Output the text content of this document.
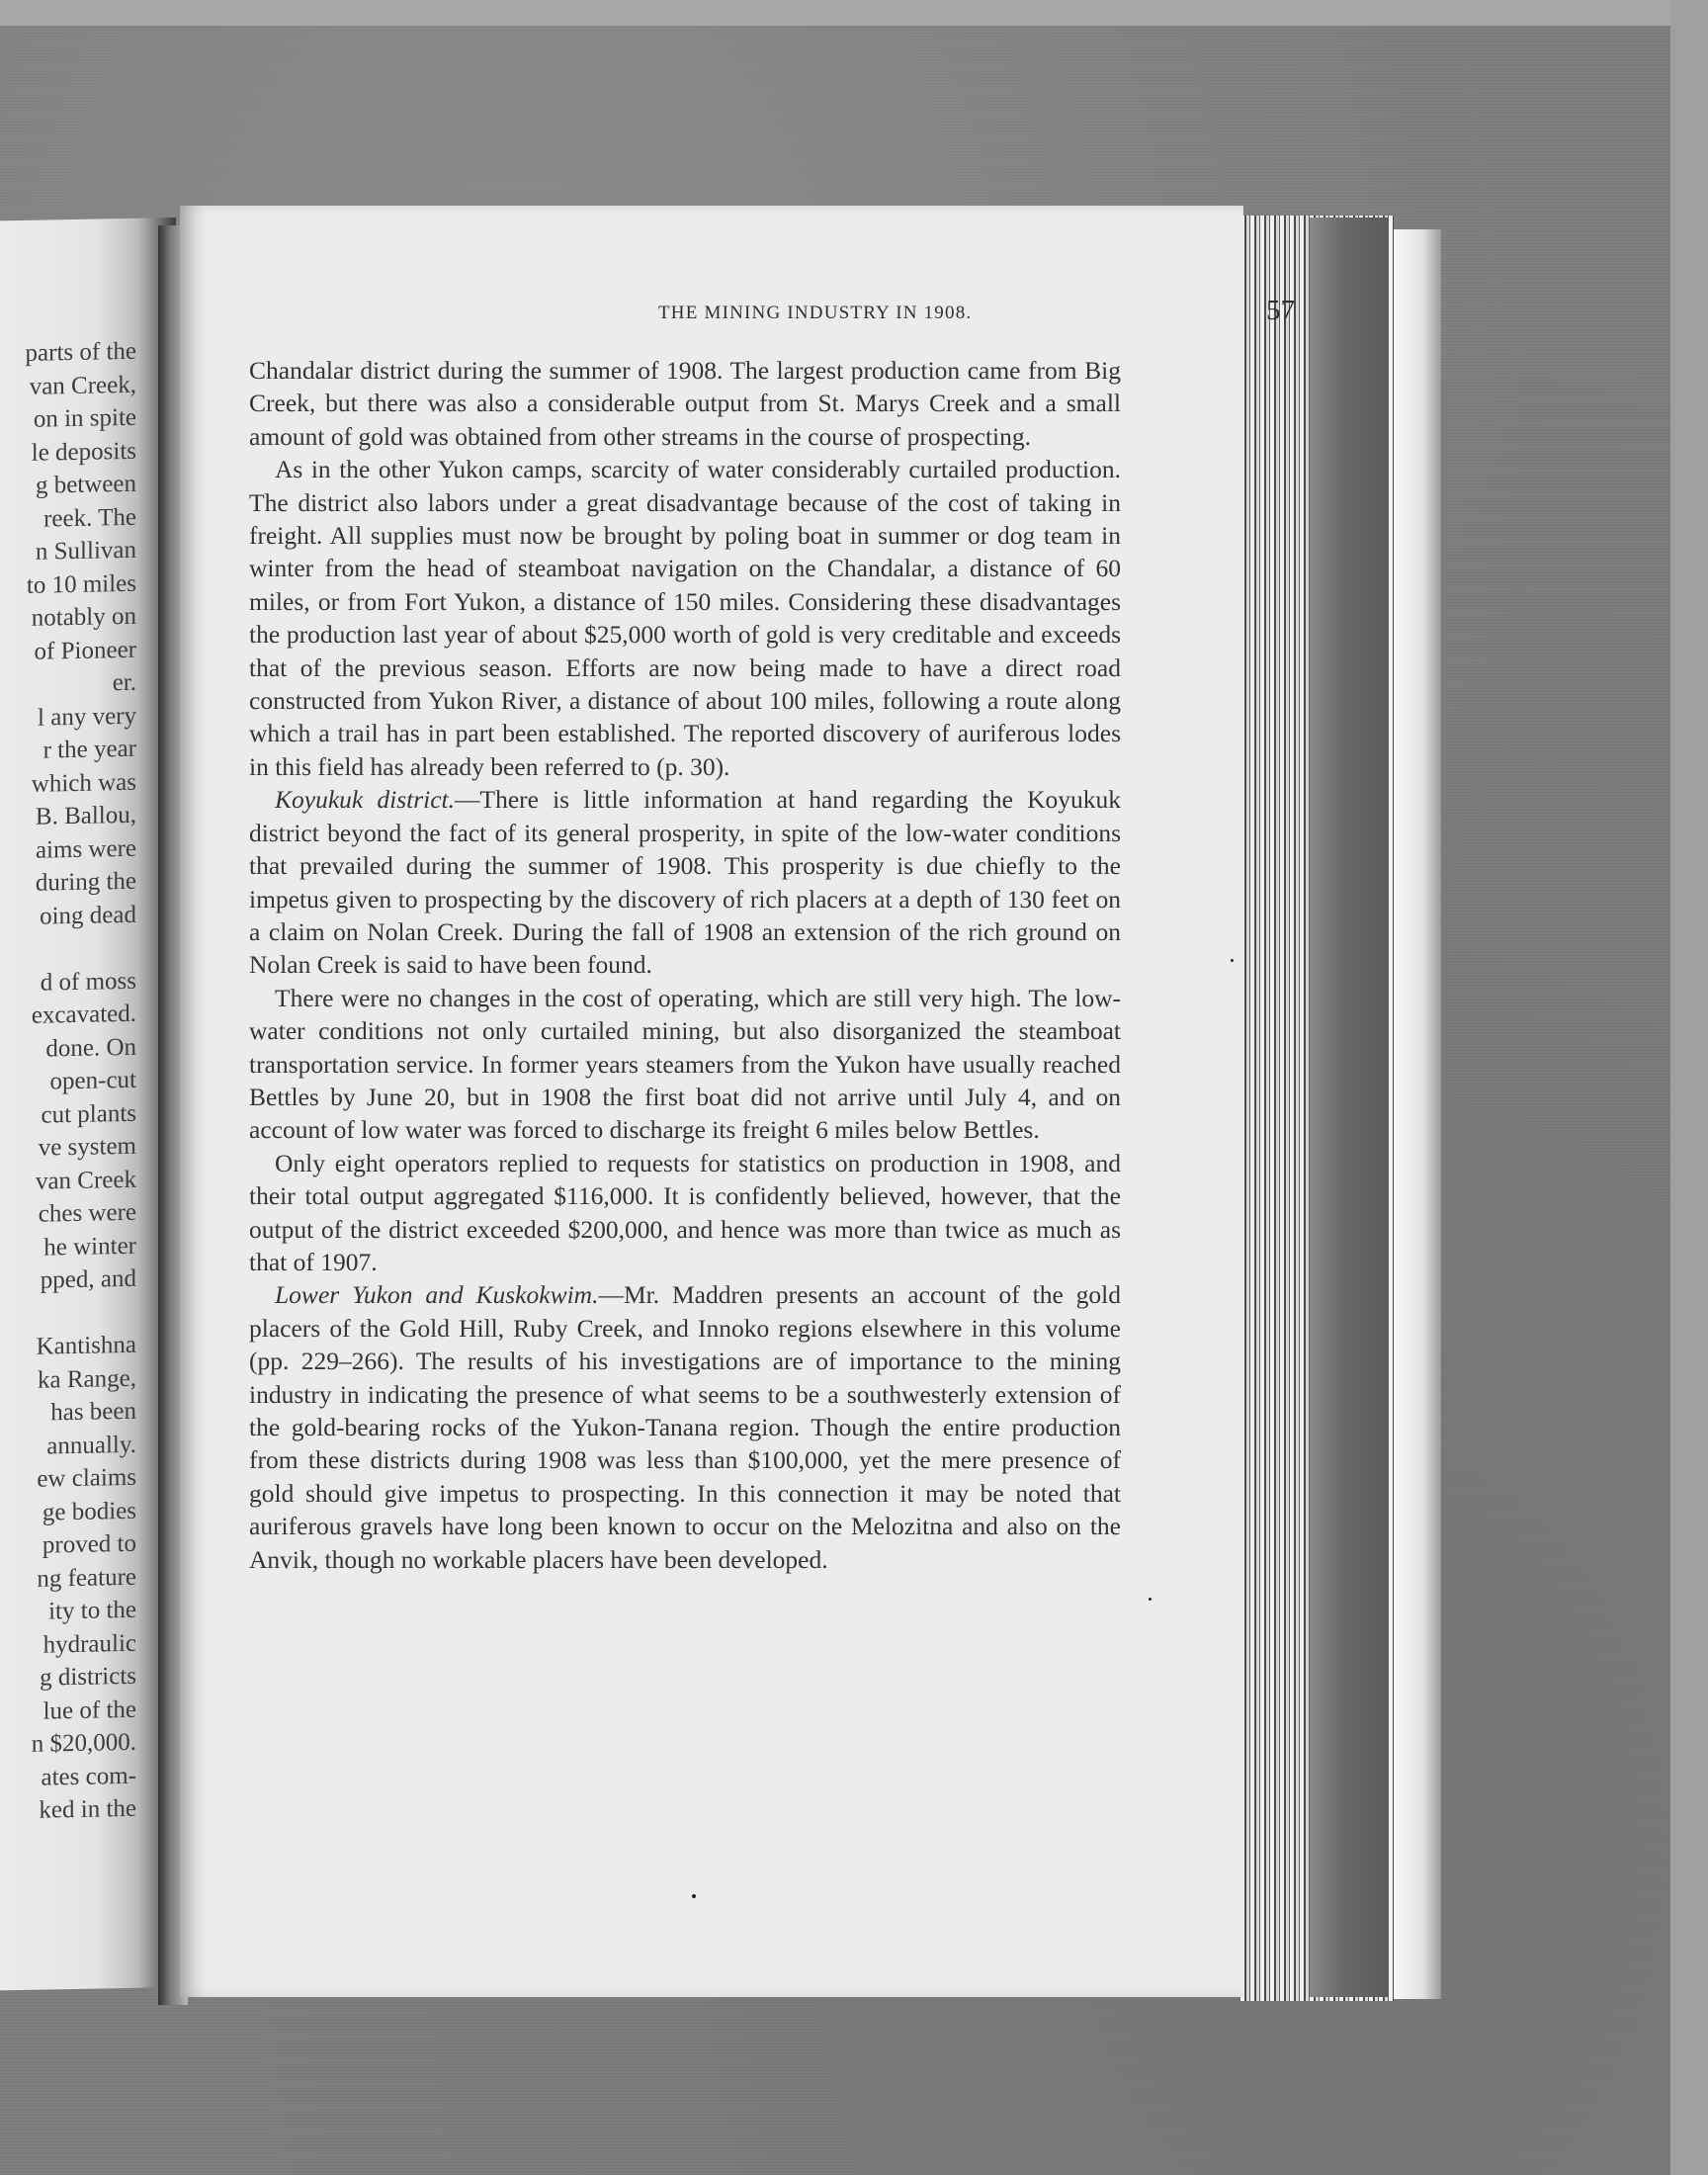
parts of the
van Creek,
on in spite
le deposits
g between
reek. The
n Sullivan
to 10 miles
notably on
of Pioneer
er.
l any very
r the year
which was
B. Ballou,
aims were
during the
oing dead

d of moss
excavated.
done. On
open-cut
cut plants
ve system
van Creek
ches were
he winter
pped, and

Kantishna
ka Range,
has been
annually.
ew claims
ge bodies
proved to
ng feature
ity to the
hydraulic
g districts
lue of the
n $20,000.
ates com-
ked in the
THE MINING INDUSTRY IN 1908.	57

Chandalar district during the summer of 1908. The largest production came from Big Creek, but there was also a considerable output from St. Marys Creek and a small amount of gold was obtained from other streams in the course of prospecting.

As in the other Yukon camps, scarcity of water considerably curtailed production. The district also labors under a great disadvantage because of the cost of taking in freight. All supplies must now be brought by poling boat in summer or dog team in winter from the head of steamboat navigation on the Chandalar, a distance of 60 miles, or from Fort Yukon, a distance of 150 miles. Considering these disadvantages the production last year of about $25,000 worth of gold is very creditable and exceeds that of the previous season. Efforts are now being made to have a direct road constructed from Yukon River, a distance of about 100 miles, following a route along which a trail has in part been established. The reported discovery of auriferous lodes in this field has already been referred to (p. 30).

Koyukuk district.—There is little information at hand regarding the Koyukuk district beyond the fact of its general prosperity, in spite of the low-water conditions that prevailed during the summer of 1908. This prosperity is due chiefly to the impetus given to prospecting by the discovery of rich placers at a depth of 130 feet on a claim on Nolan Creek. During the fall of 1908 an extension of the rich ground on Nolan Creek is said to have been found.

There were no changes in the cost of operating, which are still very high. The low-water conditions not only curtailed mining, but also disorganized the steamboat transportation service. In former years steamers from the Yukon have usually reached Bettles by June 20, but in 1908 the first boat did not arrive until July 4, and on account of low water was forced to discharge its freight 6 miles below Bettles.

Only eight operators replied to requests for statistics on production in 1908, and their total output aggregated $116,000. It is confidently believed, however, that the output of the district exceeded $200,000, and hence was more than twice as much as that of 1907.

Lower Yukon and Kuskokwim.—Mr. Maddren presents an account of the gold placers of the Gold Hill, Ruby Creek, and Innoko regions elsewhere in this volume (pp. 229–266). The results of his investigations are of importance to the mining industry in indicating the presence of what seems to be a southwesterly extension of the gold-bearing rocks of the Yukon-Tanana region. Though the entire production from these districts during 1908 was less than $100,000, yet the mere presence of gold should give impetus to prospecting. In this connection it may be noted that auriferous gravels have long been known to occur on the Melozitna and also on the Anvik, though no workable placers have been developed.
